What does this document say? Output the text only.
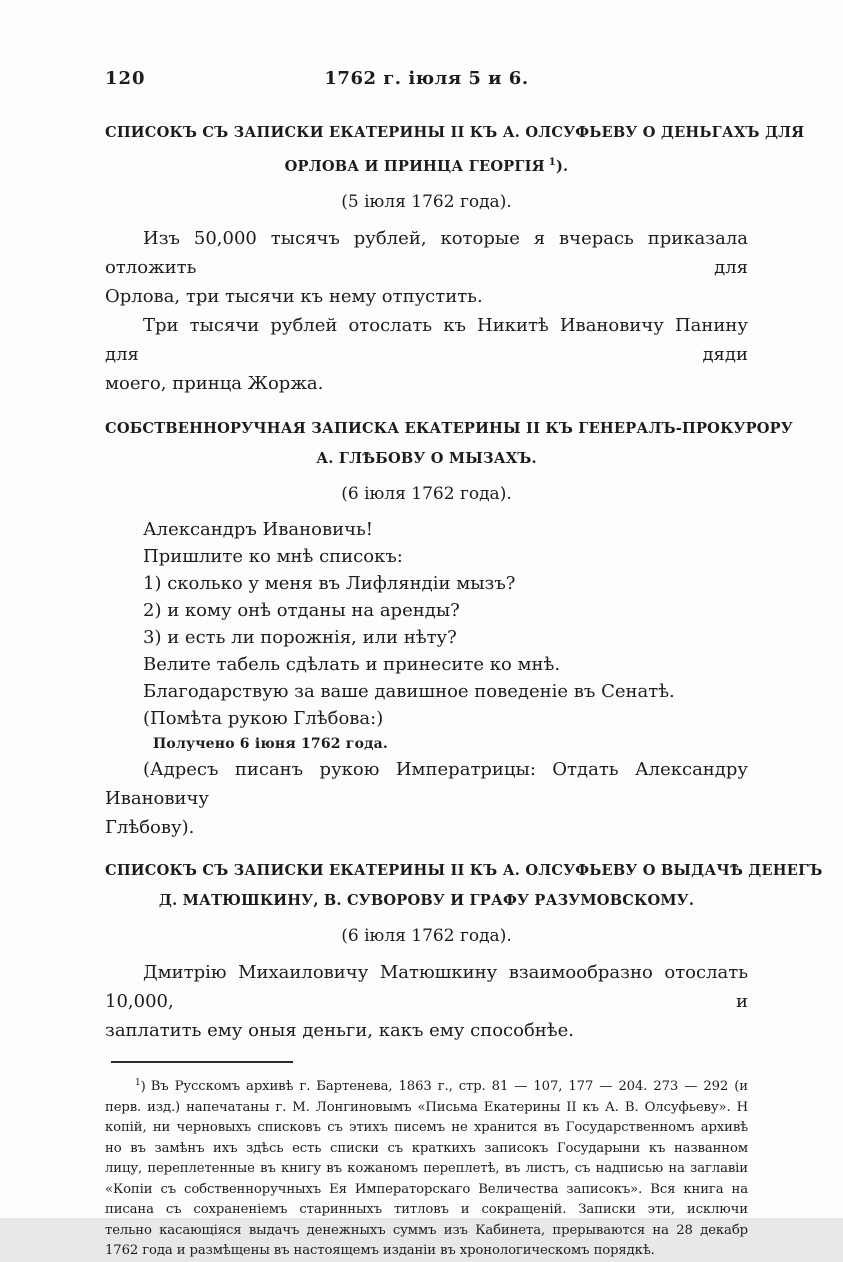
120	1762 г. іюля 5 и 6.
СПИСОКЪ СЪ ЗАПИСКИ ЕКАТЕРИНЫ II КЪ А. ОЛСУФЬЕВУ О ДЕНЬГАХЪ ДЛЯ
ОРЛОВА И ПРИНЦА ГЕОРГІЯ $^1$).
(5 іюля 1762 года).
Изъ 50,000 тысячъ рублей, которые я вчерась приказала отложить для
Орлова, три тысячи къ нему отпустить.
Три тысячи рублей отослать къ Никитѣ Ивановичу Панину для дяди
моего, принца Жоржа.
СОБСТВЕННОРУЧНАЯ ЗАПИСКА ЕКАТЕРИНЫ II КЪ ГЕНЕРАЛЪ-ПРОКУРОРУ
А. ГЛѢБОВУ О МЫЗАХЪ.
(6 іюля 1762 года).
Александръ Ивановичь!
Пришлите ко мнѣ списокъ:
1) сколько у меня въ Лифляндіи мызъ?
2) и кому онѣ отданы на аренды?
3) и есть ли порожнія, или нѣту?
Велите табель сдѣлать и принесите ко мнѣ.
Благодарствую за ваше давишное поведеніе въ Сенатѣ.
(Помѣта рукою Глѣбова:)
Получено 6 іюня 1762 года.
(Адресъ писанъ рукою Императрицы: Отдать Александру Ивановичу
Глѣбову).
СПИСОКЪ СЪ ЗАПИСКИ ЕКАТЕРИНЫ II КЪ А. ОЛСУФЬЕВУ О ВЫДАЧѢ ДЕНЕГЪ
Д. МАТЮШКИНУ, В. СУВОРОВУ И ГРАФУ РАЗУМОВСКОМУ.
(6 іюля 1762 года).
Дмитрію Михаиловичу Матюшкину взаимообразно отослать 10,000, и
заплатить ему оныя деньги, какъ ему способнѣе.
$^1$) Въ Русскомъ архивѣ г. Бартенева, 1863 г., стр. 81 — 107, 177 — 204. 273 — 292 (и
перв. изд.) напечатаны г. М. Лонгиновымъ «Письма Екатерины II къ А. В. Олсуфьеву». Н
копій, ни черновыхъ списковъ съ этихъ писемъ не хранится въ Государственномъ архивѣ
но въ замѣнъ ихъ здѣсь есть списки съ краткихъ записокъ Государыни къ названном
лицу, переплетенные въ книгу въ кожаномъ переплетѣ, въ листъ, съ надписью на заглавіи
«Копіи съ собственноручныхъ Ея Императорскаго Величества записокъ». Вся книга на
писана съ сохраненіемъ старинныхъ титловъ и сокращеній. Записки эти, исключи
тельно касающіяся выдачъ денежныхъ суммъ изъ Кабинета, прерываются на 28 декабр
1762 года и размѣщены въ настоящемъ изданіи въ хронологическомъ порядкѣ.
